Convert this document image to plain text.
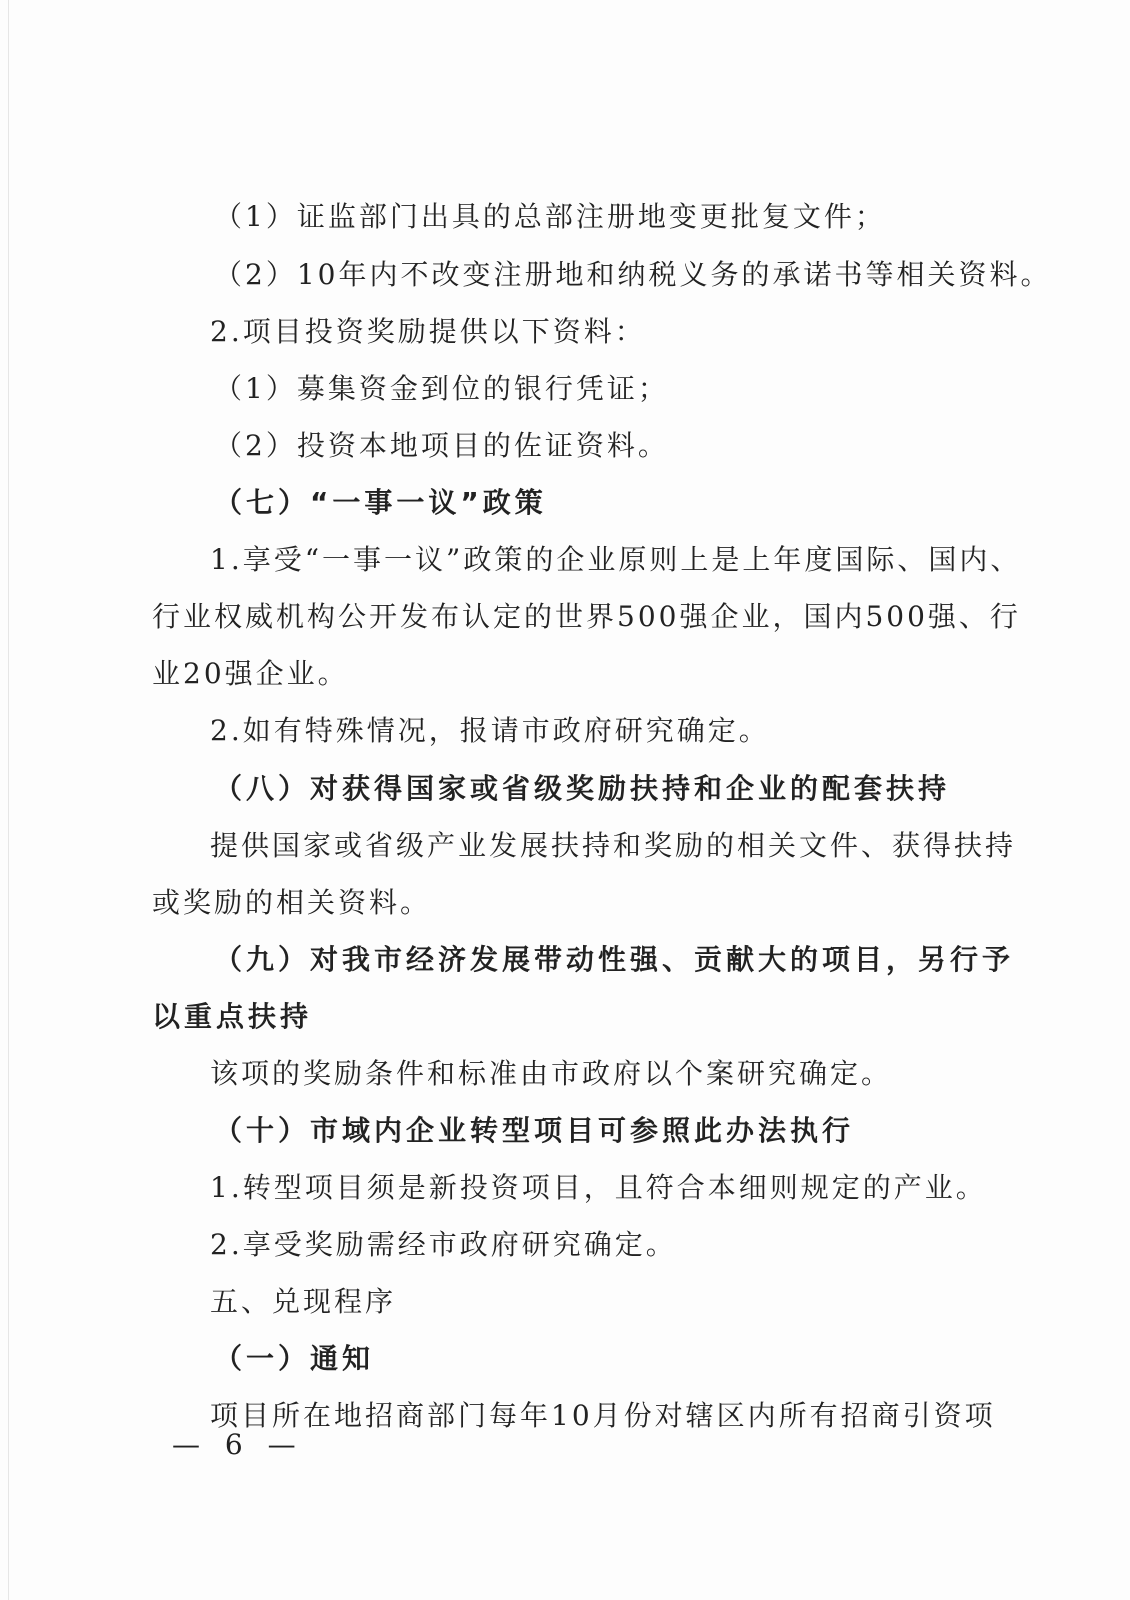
（1）证监部门出具的总部注册地变更批复文件；
（2）10年内不改变注册地和纳税义务的承诺书等相关资料。
2.项目投资奖励提供以下资料：
（1）募集资金到位的银行凭证；
（2）投资本地项目的佐证资料。
（七）“一事一议”政策
1.享受“一事一议”政策的企业原则上是上年度国际、国内、
行业权威机构公开发布认定的世界500强企业，国内500强、行
业20强企业。
2.如有特殊情况，报请市政府研究确定。
（八）对获得国家或省级奖励扶持和企业的配套扶持
提供国家或省级产业发展扶持和奖励的相关文件、获得扶持
或奖励的相关资料。
（九）对我市经济发展带动性强、贡献大的项目，另行予
以重点扶持
该项的奖励条件和标准由市政府以个案研究确定。
（十）市域内企业转型项目可参照此办法执行
1.转型项目须是新投资项目，且符合本细则规定的产业。
2.享受奖励需经市政府研究确定。
五、兑现程序
（一）通知
项目所在地招商部门每年10月份对辖区内所有招商引资项
— 6 —
